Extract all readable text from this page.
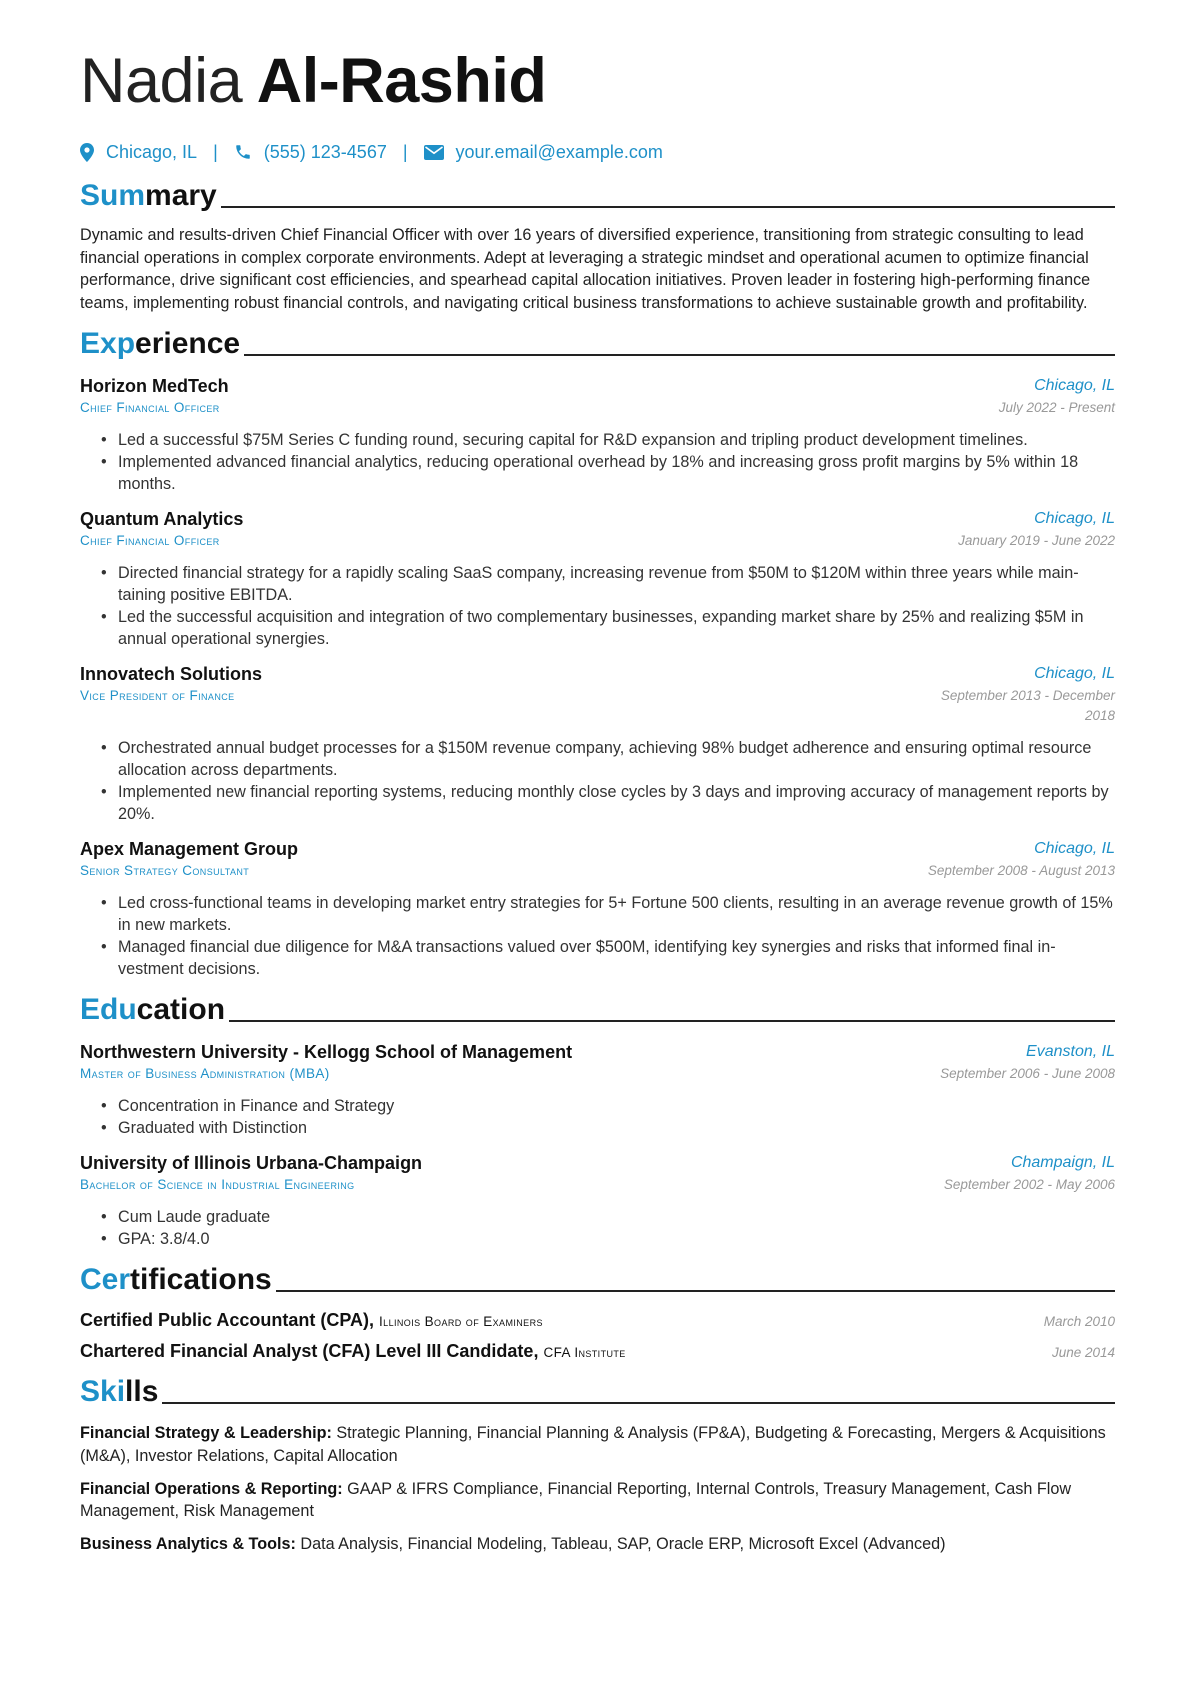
Nadia Al-Rashid
Chicago, IL |	(555) 123-4567 |	your.email@example.com
Summary

Dynamic and results-driven Chief Financial Officer with over 16 years of diversified experience, transitioning from strategic consulting to lead financial operations in complex corporate environments. Adept at leveraging a strategic mindset and operational acumen to optimize financial performance, drive significant cost efficiencies, and spearhead capital allocation initiatives. Proven leader in fostering high-performing finance teams, implementing robust financial controls, and navigating critical business transformations to achieve sustainable growth and profitability.

Experience
Horizon MedTech
Chief Financial Officer
Chicago, IL
July 2022 - Present
• Led a successful $75M Series C funding round, securing capital for R&D expansion and tripling product development timelines.
• Implemented advanced financial analytics, reducing operational overhead by 18% and increasing gross profit margins by 5% within 18 months.
Quantum Analytics
Chief Financial Officer
Chicago, IL
January 2019 - June 2022
• Directed financial strategy for a rapidly scaling SaaS company, increasing revenue from $50M to $120M within three years while maintaining positive EBITDA.
• Led the successful acquisition and integration of two complementary businesses, expanding market share by 25% and realizing $5M in annual operational synergies.
Innovatech Solutions
Vice President of Finance
Chicago, IL
September 2013 - December 2018
• Orchestrated annual budget processes for a $150M revenue company, achieving 98% budget adherence and ensuring optimal resource allocation across departments.
• Implemented new financial reporting systems, reducing monthly close cycles by 3 days and improving accuracy of management reports by 20%.
Apex Management Group
Senior Strategy Consultant
Chicago, IL
September 2008 - August 2013
• Led cross-functional teams in developing market entry strategies for 5+ Fortune 500 clients, resulting in an average revenue growth of 15% in new markets.
• Managed financial due diligence for M&A transactions valued over $500M, identifying key synergies and risks that informed final investment decisions.
Education
Northwestern University - Kellogg School of Management
Master of Business Administration (MBA)
Evanston, IL
September 2006 - June 2008
• Concentration in Finance and Strategy
• Graduated with Distinction
University of Illinois Urbana-Champaign
Bachelor of Science in Industrial Engineering
Champaign, IL
September 2002 - May 2006
• Cum Laude graduate
• GPA: 3.8/4.0
Certifications
Certified Public Accountant (CPA), Illinois Board of Examiners	March 2010
Chartered Financial Analyst (CFA) Level III Candidate, CFA Institute	June 2014
Skills
Financial Strategy & Leadership: Strategic Planning, Financial Planning & Analysis (FP&A), Budgeting & Forecasting, Mergers & Acquisitions (M&A), Investor Relations, Capital Allocation
Financial Operations & Reporting: GAAP & IFRS Compliance, Financial Reporting, Internal Controls, Treasury Management, Cash Flow Management, Risk Management
Business Analytics & Tools: Data Analysis, Financial Modeling, Tableau, SAP, Oracle ERP, Microsoft Excel (Advanced)
